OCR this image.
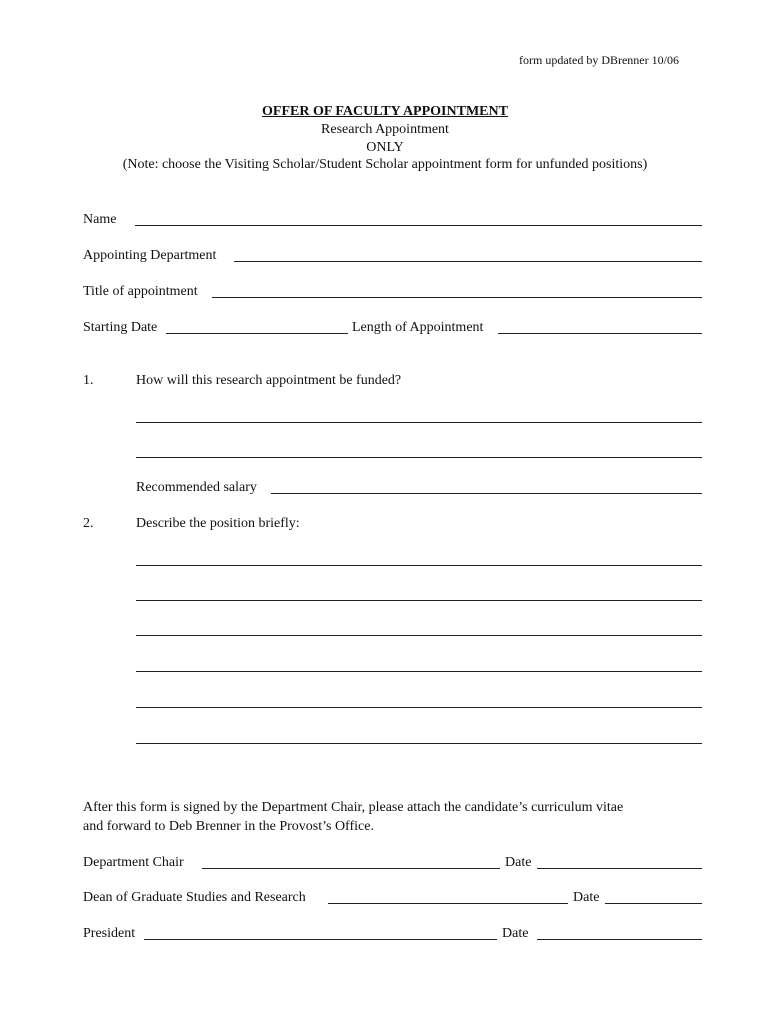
form updated by DBrenner 10/06
OFFER OF FACULTY APPOINTMENT
Research Appointment
ONLY
(Note: choose the Visiting Scholar/Student Scholar appointment form for unfunded positions)
Name
Appointing Department
Title of appointment
Starting Date	Length of Appointment
1.	How will this research appointment be funded?
Recommended salary
2.	Describe the position briefly:
After this form is signed by the Department Chair, please attach the candidate’s curriculum vitae
and forward to Deb Brenner in the Provost’s Office.
Department Chair	Date
Dean of Graduate Studies and Research	Date
President	Date
